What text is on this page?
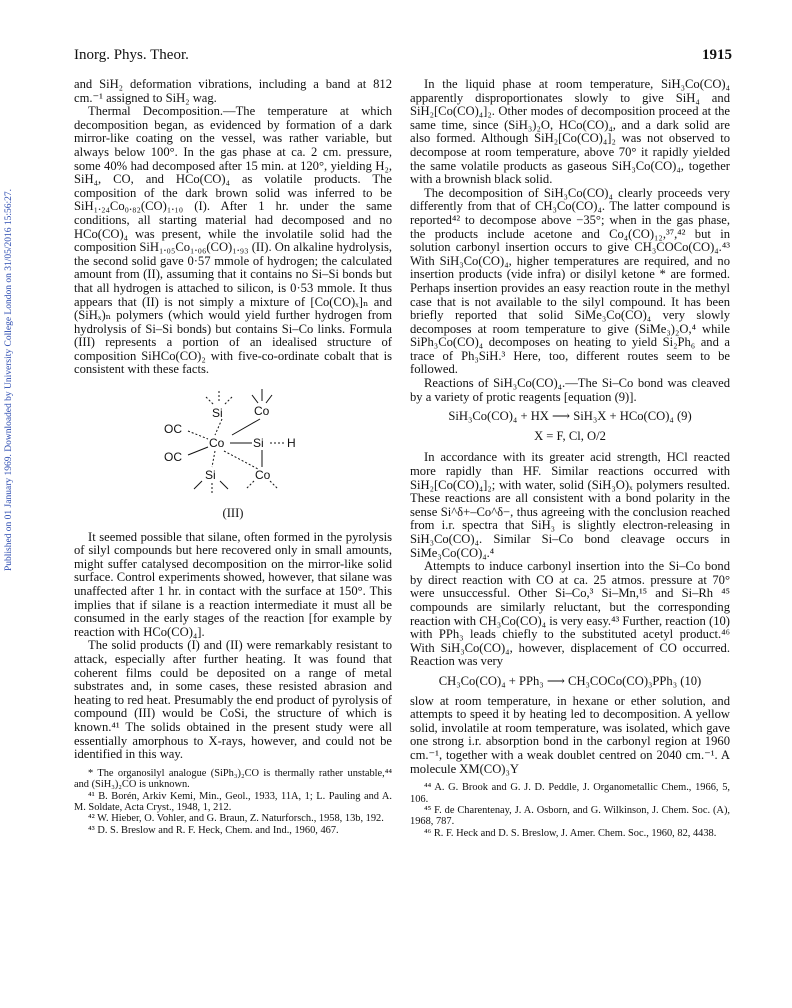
Published on 01 January 1969. Downloaded by University College London on 31/05/2016 15:56:27.
Inorg. Phys. Theor.	1915

and SiH₂ deformation vibrations, including a band at 812 cm.⁻¹ assigned to SiH₂ wag.

Thermal Decomposition.—The temperature at which decomposition began, as evidenced by formation of a dark mirror-like coating on the vessel, was rather variable, but always below 100°. In the gas phase at ca. 2 cm. pressure, some 40% had decomposed after 15 min. at 120°, yielding H₂, SiH₄, CO, and HCo(CO)₄ as volatile products. The composition of the dark brown solid was inferred to be SiH₁.₂₄Co₀.₈₂(CO)₁.₁₀ (I). After 1 hr. under the same conditions, all starting material had decomposed and no HCo(CO)₄ was present, while the involatile solid had the composition SiH₁.₀₅Co₁.₀₆(CO)₁.₉₃ (II). On alkaline hydrolysis, the second solid gave 0·57 mmole of hydrogen; the calculated amount from (II), assuming that it contains no Si–Si bonds but that all hydrogen is attached to silicon, is 0·53 mmole. It thus appears that (II) is not simply a mixture of [Co(CO)ₓ]ₙ and (SiHₓ)ₙ polymers (which would yield further hydrogen from hydrolysis of Si–Si bonds) but contains Si–Co links. Formula (III) represents a portion of an idealised structure of composition SiHCo(CO)₂ with five-co-ordinate cobalt that is consistent with these facts.

Si	Co
OC
Co Si H
OC
Si	Co
(III)

It seemed possible that silane, often formed in the pyrolysis of silyl compounds but here recovered only in small amounts, might suffer catalysed decomposition on the mirror-like solid surface. Control experiments showed, however, that silane was unaffected after 1 hr. in contact with the surface at 150°. This implies that if silane is a reaction intermediate it must all be consumed in the early stages of the reaction [for example by reaction with HCo(CO)₄].

The solid products (I) and (II) were remarkably resistant to attack, especially after further heating. It was found that coherent films could be deposited on a range of metal substrates and, in some cases, these resisted abrasion and heating to red heat. Presumably the end product of pyrolysis of compound (III) would be CoSi, the structure of which is known.⁴¹ The solids obtained in the present study were all essentially amorphous to X-rays, however, and could not be identified in this way.

* The organosilyl analogue (SiPh₃)₂CO is thermally rather unstable,⁴⁴ and (SiH₃)₂CO is unknown.

⁴¹ B. Borén, Arkiv Kemi, Min., Geol., 1933, 11A, 1; L. Pauling and A. M. Soldate, Acta Cryst., 1948, 1, 212.

⁴² W. Hieber, O. Vohler, and G. Braun, Z. Naturforsch., 1958, 13b, 192.

⁴³ D. S. Breslow and R. F. Heck, Chem. and Ind., 1960, 467.

In the liquid phase at room temperature, SiH₃Co(CO)₄ apparently disproportionates slowly to give SiH₄ and SiH₂[Co(CO)₄]₂. Other modes of decomposition proceed at the same time, since (SiH₃)₂O, HCo(CO)₄, and a dark solid are also formed. Although SiH₂[Co(CO)₄]₂ was not observed to decompose at room temperature, above 70° it rapidly yielded the same volatile products as gaseous SiH₃Co(CO)₄, together with a brownish black solid.

The decomposition of SiH₃Co(CO)₄ clearly proceeds very differently from that of CH₃Co(CO)₄. The latter compound is reported⁴² to decompose above −35°; when in the gas phase, the products include acetone and Co₄(CO)₁₂,³⁷,⁴² but in solution carbonyl insertion occurs to give CH₃COCo(CO)₄.⁴³ With SiH₃Co(CO)₄, higher temperatures are required, and no insertion products (vide infra) or disilyl ketone * are formed. Perhaps insertion provides an easy reaction route in the methyl case that is not available to the silyl compound. It has been briefly reported that solid SiMe₃Co(CO)₄ very slowly decomposes at room temperature to give (SiMe₃)₂O,⁴ while SiPh₃Co(CO)₄ decomposes on heating to yield Si₂Ph₆ and a trace of Ph₃SiH.³ Here, too, different routes seem to be followed.

Reactions of SiH₃Co(CO)₄.—The Si–Co bond was cleaved by a variety of protic reagents [equation (9)].

SiH₃Co(CO)₄ + HX ⟶ SiH₃X + HCo(CO)₄ (9)
X = F, Cl, O/2

In accordance with its greater acid strength, HCl reacted more rapidly than HF. Similar reactions occurred with SiH₂[Co(CO)₄]₂; with water, solid (SiH₃O)ₓ polymers resulted. These reactions are all consistent with a bond polarity in the sense Si^δ+–Co^δ−, thus agreeing with the conclusion reached from i.r. spectra that SiH₃ is slightly electron-releasing in SiH₃Co(CO)₄. Similar Si–Co bond cleavage occurs in SiMe₃Co(CO)₄.⁴

Attempts to induce carbonyl insertion into the Si–Co bond by direct reaction with CO at ca. 25 atmos. pressure at 70° were unsuccessful. Other Si–Co,³ Si–Mn,¹⁵ and Si–Rh ⁴⁵ compounds are similarly reluctant, but the corresponding reaction with CH₃Co(CO)₄ is very easy.⁴³ Further, reaction (10) with PPh₃ leads chiefly to the substituted acetyl product.⁴⁶ With SiH₃Co(CO)₄, however, displacement of CO occurred. Reaction was very

CH₃Co(CO)₄ + PPh₃ ⟶ CH₃COCo(CO)₃PPh₃ (10)

slow at room temperature, in hexane or ether solution, and attempts to speed it by heating led to decomposition. A yellow solid, involatile at room temperature, was isolated, which gave one strong i.r. absorption bond in the carbonyl region at 1960 cm.⁻¹, together with a weak doublet centred on 2040 cm.⁻¹. A molecule XM(CO)₃Y

⁴⁴ A. G. Brook and G. J. D. Peddle, J. Organometallic Chem., 1966, 5, 106.

⁴⁵ F. de Charentenay, J. A. Osborn, and G. Wilkinson, J. Chem. Soc. (A), 1968, 787.

⁴⁶ R. F. Heck and D. S. Breslow, J. Amer. Chem. Soc., 1960, 82, 4438.
